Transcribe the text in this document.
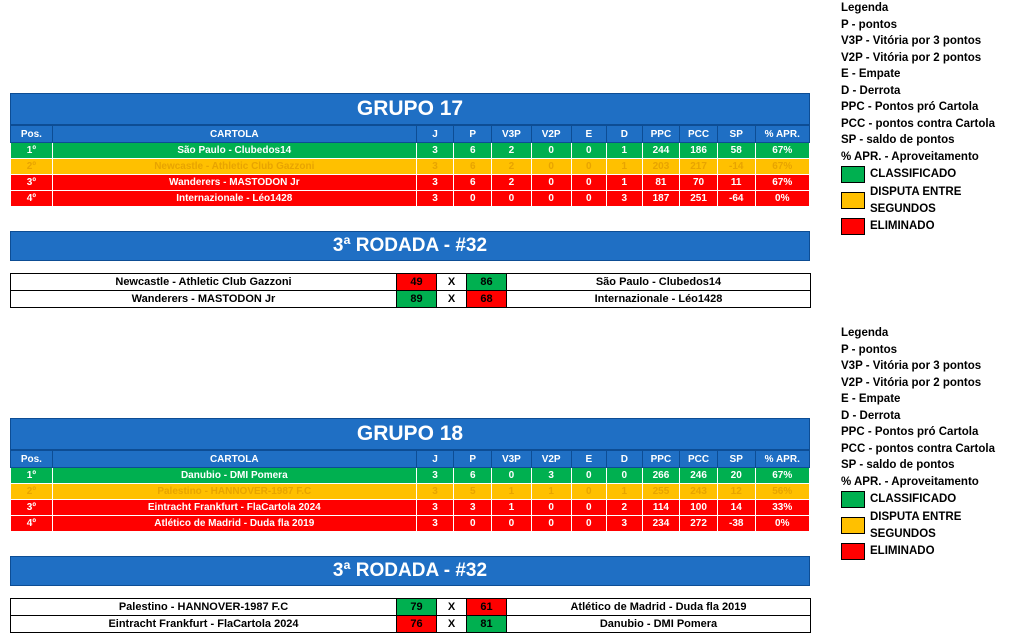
GRUPO 17
Pos.	CARTOLA	J	P	V3P	V2P	E	D	PPC	PCC	SP	% APR.
1º	São Paulo - Clubedos14	3	6	2	0	0	1	244	186	58	67%
2º	Newcastle - Athletic Club Gazzoni	3	6	2	0	0	1	203	217	-14	67%
3º	Wanderers - MASTODON Jr	3	6	2	0	0	1	81	70	11	67%
4º	Internazionale - Léo1428	3	0	0	0	0	3	187	251	-64	0%
3ª RODADA - #32
Newcastle - Athletic Club Gazzoni	49	X	86	São Paulo - Clubedos14
Wanderers - MASTODON Jr	89	X	68	Internazionale - Léo1428
GRUPO 18
Pos.	CARTOLA	J	P	V3P	V2P	E	D	PPC	PCC	SP	% APR.
1º	Danubio - DMI Pomera	3	6	0	3	0	0	266	246	20	67%
2º	Palestino - HANNOVER-1987 F.C	3	5	1	1	0	1	255	243	12	56%
3º	Eintracht Frankfurt - FlaCartola 2024	3	3	1	0	0	2	114	100	14	33%
4º	Atlético de Madrid - Duda fla 2019	3	0	0	0	0	3	234	272	-38	0%
3ª RODADA - #32
Palestino - HANNOVER-1987 F.C	79	X	61	Atlético de Madrid - Duda fla 2019
Eintracht Frankfurt - FlaCartola 2024	76	X	81	Danubio - DMI Pomera
Legenda
P - pontos
V3P - Vitória por 3 pontos
V2P - Vitória por 2 pontos
E - Empate
D - Derrota
PPC - Pontos pró Cartola
PCC - pontos contra Cartola
SP - saldo de pontos
% APR. - Aproveitamento
CLASSIFICADO
DISPUTA ENTRE SEGUNDOS
ELIMINADO
Legenda
P - pontos
V3P - Vitória por 3 pontos
V2P - Vitória por 2 pontos
E - Empate
D - Derrota
PPC - Pontos pró Cartola
PCC - pontos contra Cartola
SP - saldo de pontos
% APR. - Aproveitamento
CLASSIFICADO
DISPUTA ENTRE SEGUNDOS
ELIMINADO
